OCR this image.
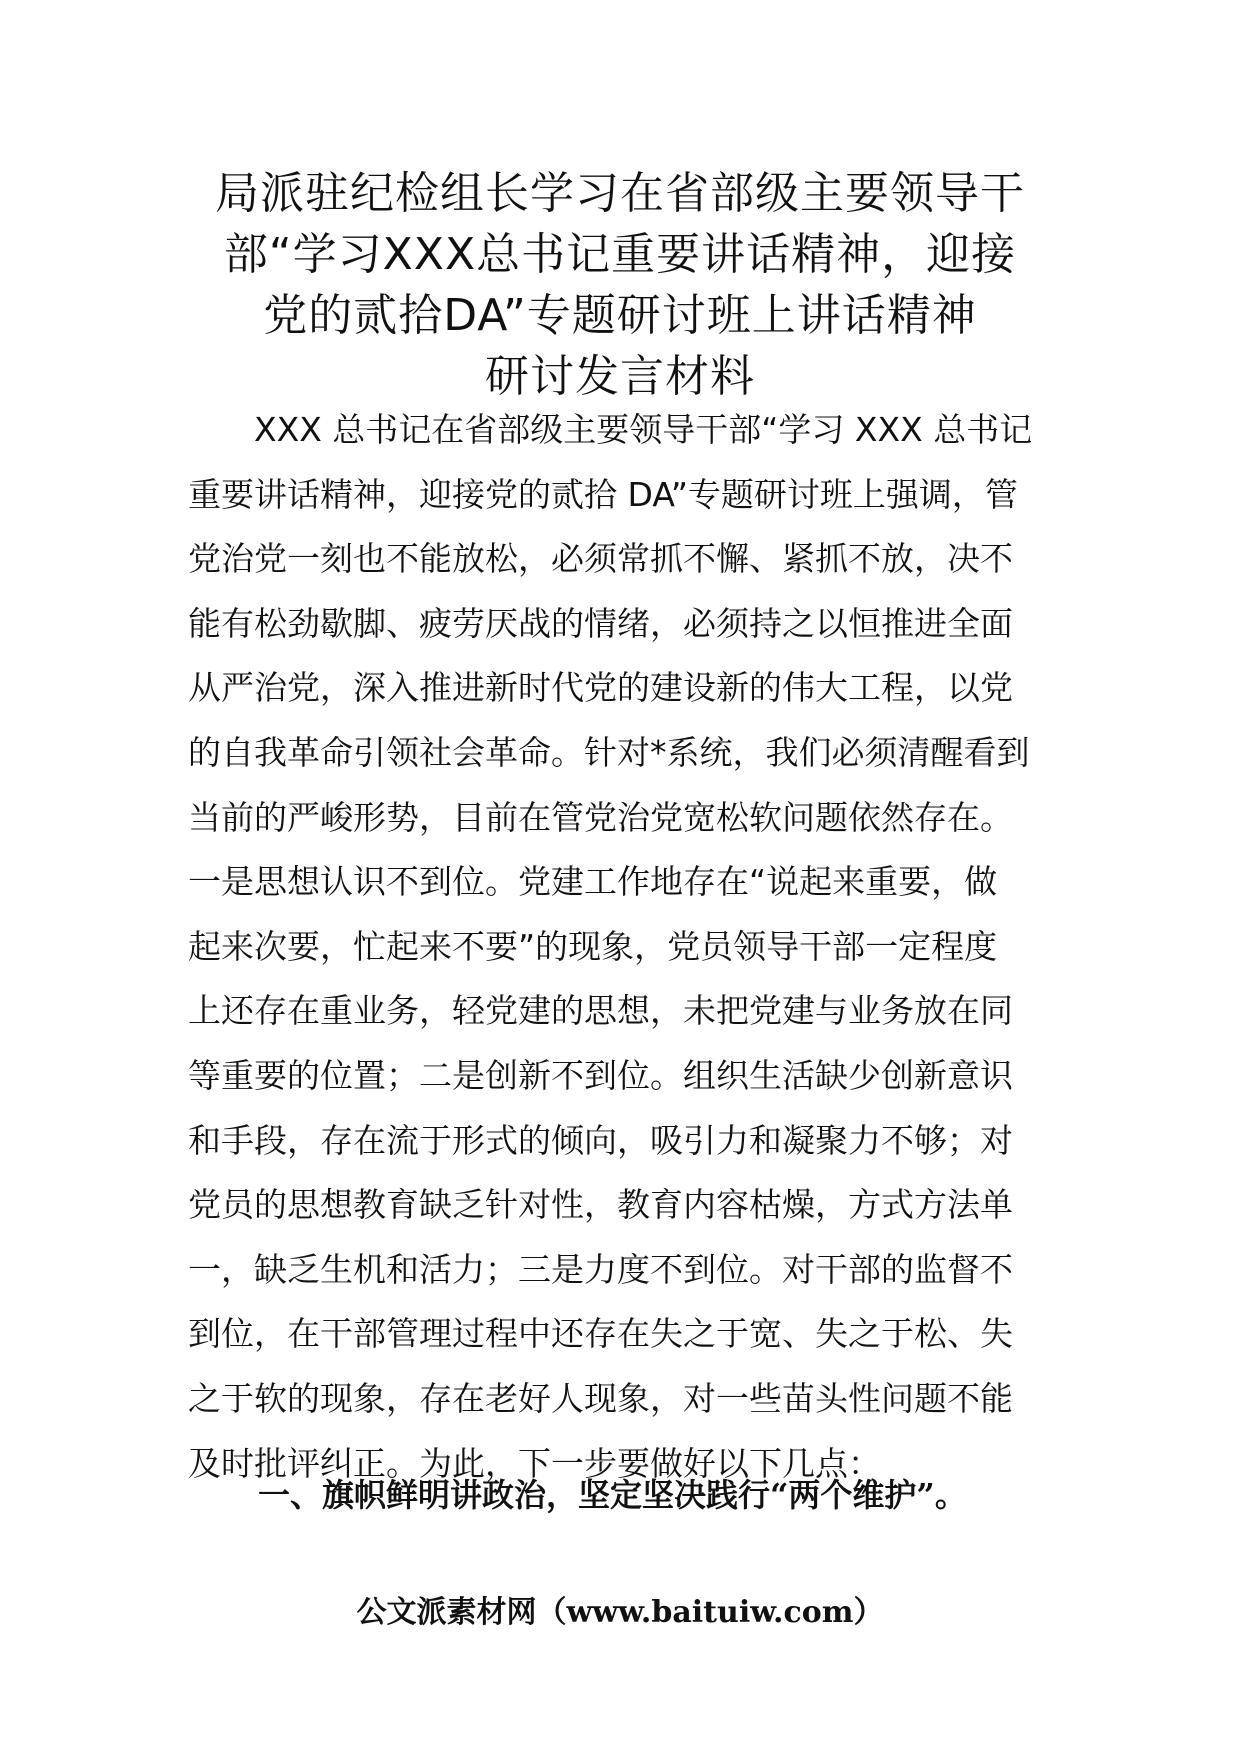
局派驻纪检组长学习在省部级主要领导干
部“学习XXX总书记重要讲话精神，迎接
党的贰拾DA”专题研讨班上讲话精神
研讨发言材料
XXX 总书记在省部级主要领导干部“学习 XXX 总书记
重要讲话精神，迎接党的贰拾 DA”专题研讨班上强调，管
党治党一刻也不能放松，必须常抓不懈、紧抓不放，决不
能有松劲歇脚、疲劳厌战的情绪，必须持之以恒推进全面
从严治党，深入推进新时代党的建设新的伟大工程，以党
的自我革命引领社会革命。针对*系统，我们必须清醒看到
当前的严峻形势，目前在管党治党宽松软问题依然存在。
一是思想认识不到位。党建工作地存在“说起来重要，做
起来次要，忙起来不要”的现象，党员领导干部一定程度
上还存在重业务，轻党建的思想，未把党建与业务放在同
等重要的位置；二是创新不到位。组织生活缺少创新意识
和手段，存在流于形式的倾向，吸引力和凝聚力不够；对
党员的思想教育缺乏针对性，教育内容枯燥，方式方法单
一，缺乏生机和活力；三是力度不到位。对干部的监督不
到位，在干部管理过程中还存在失之于宽、失之于松、失
之于软的现象，存在老好人现象，对一些苗头性问题不能
及时批评纠正。为此，下一步要做好以下几点：

一、旗帜鲜明讲政治，坚定坚决践行“两个维护”。

公文派素材网（www.baituiw.com）
